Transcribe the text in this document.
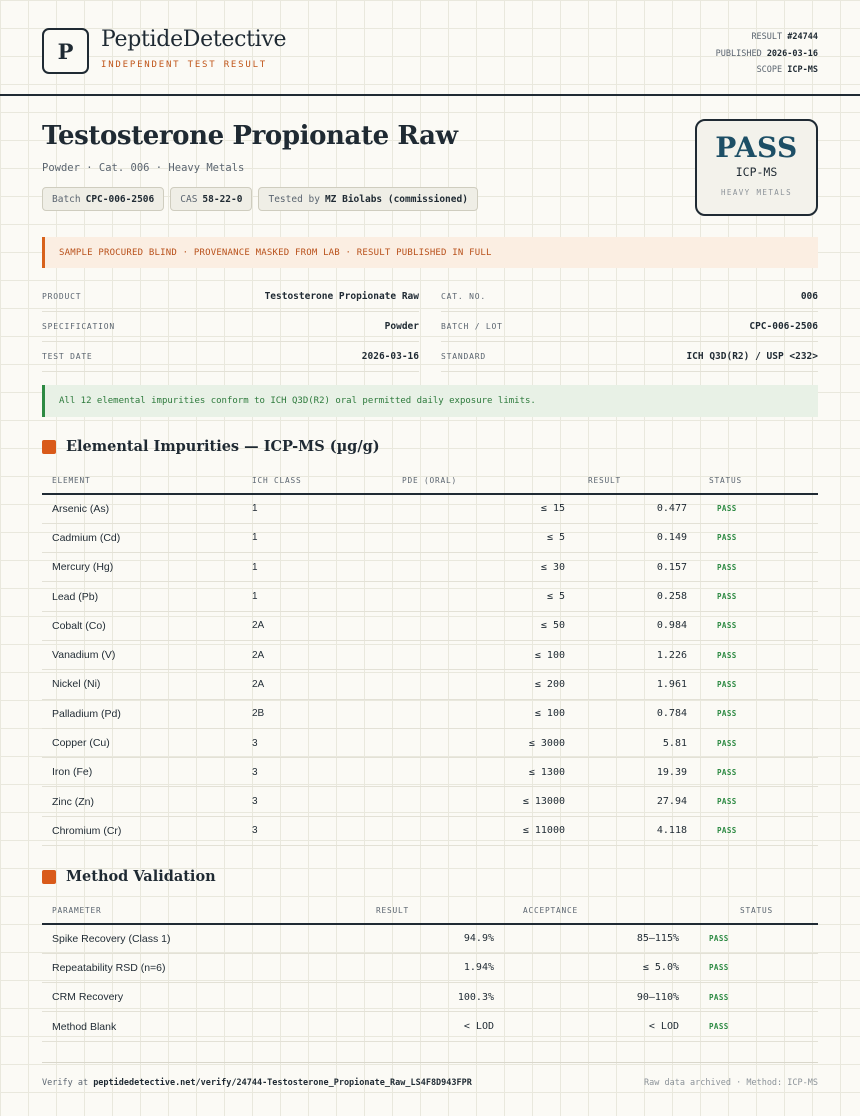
P PeptideDetective
INDEPENDENT TEST RESULT
RESULT #24744
PUBLISHED 2026-03-16
SCOPE ICP-MS
Testosterone Propionate Raw
Powder · Cat. 006 · Heavy Metals
Batch CPC-006-2506	CAS 58-22-0	Tested by MZ Biolabs (commissioned)
PASS
ICP-MS
HEAVY METALS
SAMPLE PROCURED BLIND · PROVENANCE MASKED FROM LAB · RESULT PUBLISHED IN FULL
PRODUCT	Testosterone Propionate Raw	CAT. NO.	006
SPECIFICATION	Powder	BATCH / LOT	CPC-006-2506
TEST DATE	2026-03-16	STANDARD	ICH Q3D(R2) / USP <232>
All 12 elemental impurities conform to ICH Q3D(R2) oral permitted daily exposure limits.
Elemental Impurities — ICP-MS (µg/g)
ELEMENT	ICH CLASS	PDE (ORAL)	RESULT	STATUS
Arsenic (As)	1	≤ 15	0.477	PASS
Cadmium (Cd)	1	≤ 5	0.149	PASS
Mercury (Hg)	1	≤ 30	0.157	PASS
Lead (Pb)	1	≤ 5	0.258	PASS
Cobalt (Co)	2A	≤ 50	0.984	PASS
Vanadium (V)	2A	≤ 100	1.226	PASS
Nickel (Ni)	2A	≤ 200	1.961	PASS
Palladium (Pd)	2B	≤ 100	0.784	PASS
Copper (Cu)	3	≤ 3000	5.81	PASS
Iron (Fe)	3	≤ 1300	19.39	PASS
Zinc (Zn)	3	≤ 13000	27.94	PASS
Chromium (Cr)	3	≤ 11000	4.118	PASS
Method Validation
PARAMETER	RESULT	ACCEPTANCE	STATUS
Spike Recovery (Class 1)	94.9%	85–115%	PASS
Repeatability RSD (n=6)	1.94%	≤ 5.0%	PASS
CRM Recovery	100.3%	90–110%	PASS
Method Blank	< LOD	< LOD	PASS
Verify at peptidedetective.net/verify/24744-Testosterone_Propionate_Raw_LS4F8D943FPR	Raw data archived · Method: ICP-MS
